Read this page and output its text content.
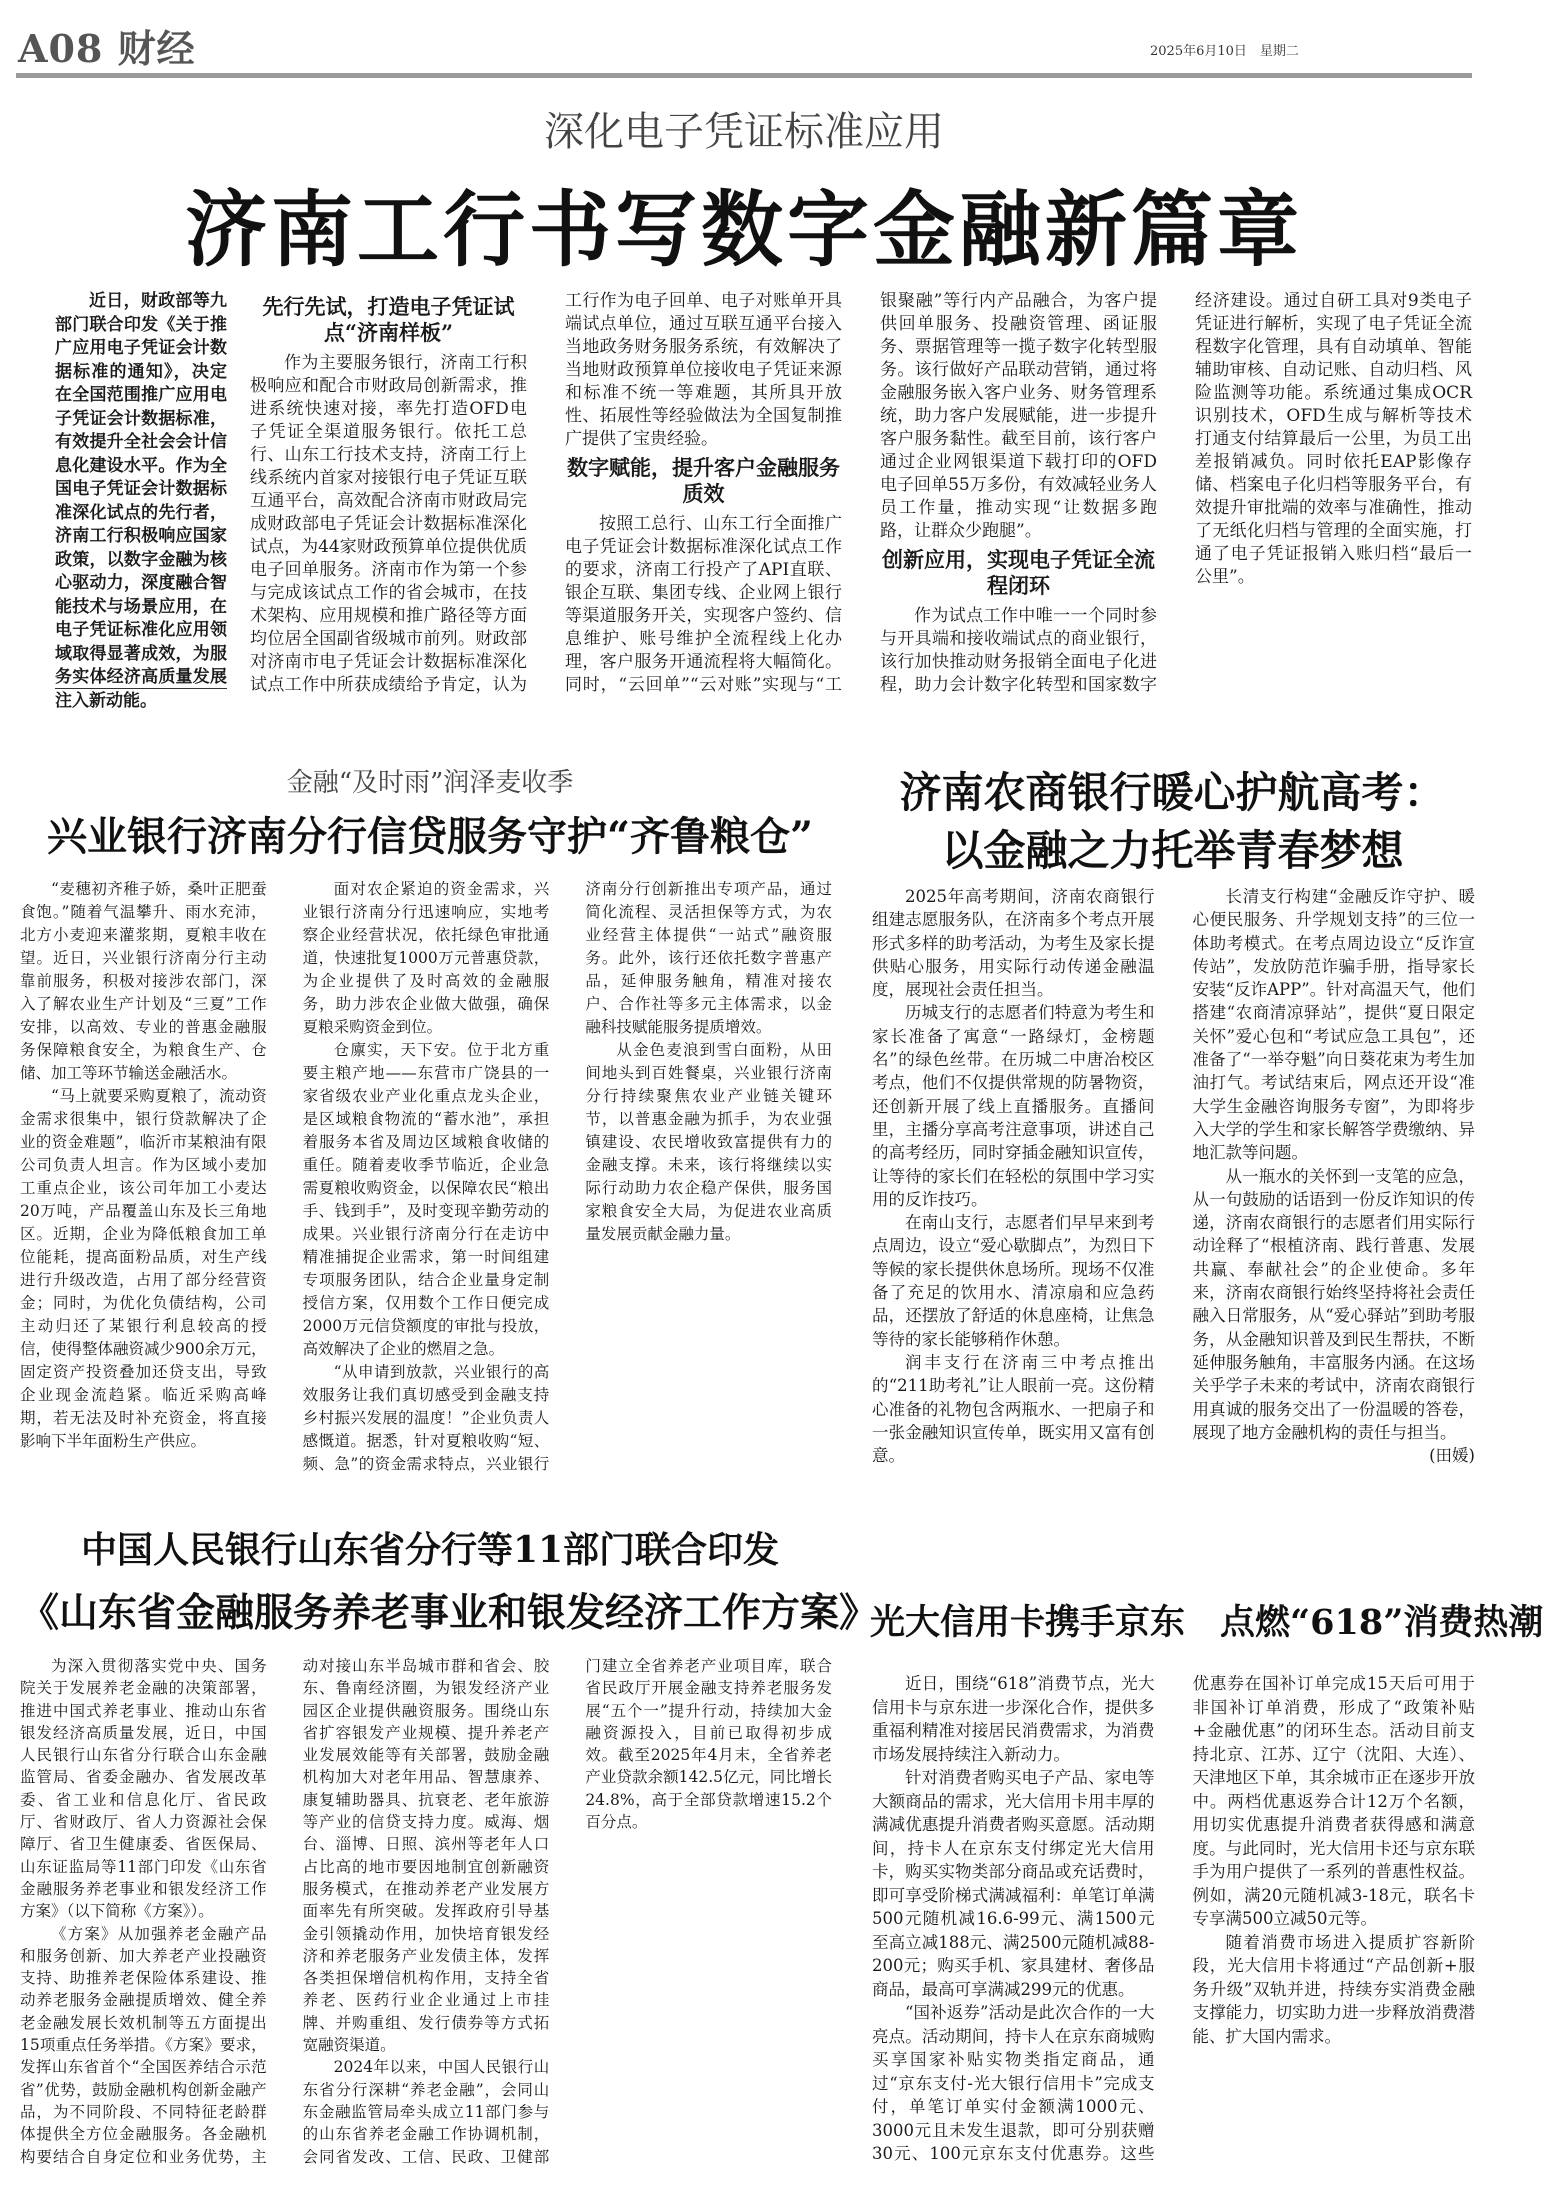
A08 财经	2025年6月10日　星期二
深化电子凭证标准应用
济南工行书写数字金融新篇章
近日，财政部等九部门联合印发《关于推广应用电子凭证会计数据标准的通知》，决定在全国范围推广应用电子凭证会计数据标准，有效提升全社会会计信息化建设水平。作为全国电子凭证会计数据标准深化试点的先行者，济南工行积极响应国家政策，以数字金融为核心驱动力，深度融合智能技术与场景应用，在电子凭证标准化应用领域取得显著成效，为服务实体经济高质量发展注入新动能。
先行先试，打造电子凭证试点“济南样板”

作为主要服务银行，济南工行积极响应和配合市财政局创新需求，推进系统快速对接，率先打造OFD电子凭证全渠道服务银行。依托工总行、山东工行技术支持，济南工行上线系统内首家对接银行电子凭证互联互通平台，高效配合济南市财政局完成财政部电子凭证会计数据标准深化试点，为44家财政预算单位提供优质电子回单服务。济南市作为第一个参与完成该试点工作的省会城市，在技术架构、应用规模和推广路径等方面均位居全国副省级城市前列。财政部对济南市电子凭证会计数据标准深化试点工作中所获成绩给予肯定，认为工行作为电子回单、电子对账单开具端试点单位，通过互联互通平台接入当地政务财务服务系统，有效解决了当地财政预算单位接收电子凭证来源和标准不统一等难题，其所具开放性、拓展性等经验做法为全国复制推广提供了宝贵经验。

数字赋能，提升客户金融服务质效

按照工总行、山东工行全面推广电子凭证会计数据标准深化试点工作的要求，济南工行投产了API直联、银企互联、集团专线、企业网上银行等渠道服务开关，实现客户签约、信息维护、账号维护全流程线上化办理，客户服务开通流程将大幅简化。同时，“云回单”“云对账”实现与“工银聚融”等行内产品融合，为客户提供回单服务、投融资管理、函证服务、票据管理等一揽子数字化转型服务。该行做好产品联动营销，通过将金融服务嵌入客户业务、财务管理系统，助力客户发展赋能，进一步提升客户服务黏性。截至目前，该行客户通过企业网银渠道下载打印的OFD电子回单55万多份，有效减轻业务人员工作量，推动实现“让数据多跑路，让群众少跑腿”。

创新应用，实现电子凭证全流程闭环

作为试点工作中唯一一个同时参与开具端和接收端试点的商业银行，该行加快推动财务报销全面电子化进程，助力会计数字化转型和国家数字经济建设。通过自研工具对9类电子凭证进行解析，实现了电子凭证全流程数字化管理，具有自动填单、智能辅助审核、自动记账、自动归档、风险监测等功能。系统通过集成OCR识别技术，OFD生成与解析等技术打通支付结算最后一公里，为员工出差报销减负。同时依托EAP影像存储、档案电子化归档等服务平台，有效提升审批端的效率与准确性，推动了无纸化归档与管理的全面实施，打通了电子凭证报销入账归档“最后一公里”。

金融“及时雨”润泽麦收季
兴业银行济南分行信贷服务守护“齐鲁粮仓”

“麦穗初齐稚子娇，桑叶正肥蚕食饱。”随着气温攀升、雨水充沛，北方小麦迎来灌浆期，夏粮丰收在望。近日，兴业银行济南分行主动靠前服务，积极对接涉农部门，深入了解农业生产计划及“三夏”工作安排，以高效、专业的普惠金融服务保障粮食安全，为粮食生产、仓储、加工等环节输送金融活水。

“马上就要采购夏粮了，流动资金需求很集中，银行贷款解决了企业的资金难题”，临沂市某粮油有限公司负责人坦言。作为区域小麦加工重点企业，该公司年加工小麦达20万吨，产品覆盖山东及长三角地区。近期，企业为降低粮食加工单位能耗，提高面粉品质，对生产线进行升级改造，占用了部分经营资金；同时，为优化负债结构，公司主动归还了某银行利息较高的授信，使得整体融资减少900余万元，固定资产投资叠加还贷支出，导致企业现金流趋紧。临近采购高峰期，若无法及时补充资金，将直接影响下半年面粉生产供应。

面对农企紧迫的资金需求，兴业银行济南分行迅速响应，实地考察企业经营状况，依托绿色审批通道，快速批复1000万元普惠贷款，为企业提供了及时高效的金融服务，助力涉农企业做大做强，确保夏粮采购资金到位。

仓廪实，天下安。位于北方重要主粮产地——东营市广饶县的一家省级农业产业化重点龙头企业，是区域粮食物流的“蓄水池”，承担着服务本省及周边区域粮食收储的重任。随着麦收季节临近，企业急需夏粮收购资金，以保障农民“粮出手、钱到手”，及时变现辛勤劳动的成果。兴业银行济南分行在走访中精准捕捉企业需求，第一时间组建专项服务团队，结合企业量身定制授信方案，仅用数个工作日便完成2000万元信贷额度的审批与投放，高效解决了企业的燃眉之急。

“从申请到放款，兴业银行的高效服务让我们真切感受到金融支持乡村振兴发展的温度！”企业负责人感慨道。据悉，针对夏粮收购“短、频、急”的资金需求特点，兴业银行济南分行创新推出专项产品，通过简化流程、灵活担保等方式，为农业经营主体提供“一站式”融资服务。此外，该行还依托数字普惠产品，延伸服务触角，精准对接农户、合作社等多元主体需求，以金融科技赋能服务提质增效。

从金色麦浪到雪白面粉，从田间地头到百姓餐桌，兴业银行济南分行持续聚焦农业产业链关键环节，以普惠金融为抓手，为农业强镇建设、农民增收致富提供有力的金融支撑。未来，该行将继续以实际行动助力农企稳产保供，服务国家粮食安全大局，为促进农业高质量发展贡献金融力量。

济南农商银行暖心护航高考：
以金融之力托举青春梦想

2025年高考期间，济南农商银行组建志愿服务队，在济南多个考点开展形式多样的助考活动，为考生及家长提供贴心服务，用实际行动传递金融温度，展现社会责任担当。

历城支行的志愿者们特意为考生和家长准备了寓意“一路绿灯，金榜题名”的绿色丝带。在历城二中唐冶校区考点，他们不仅提供常规的防暑物资，还创新开展了线上直播服务。直播间里，主播分享高考注意事项，讲述自己的高考经历，同时穿插金融知识宣传，让等待的家长们在轻松的氛围中学习实用的反诈技巧。

在南山支行，志愿者们早早来到考点周边，设立“爱心歇脚点”，为烈日下等候的家长提供休息场所。现场不仅准备了充足的饮用水、清凉扇和应急药品，还摆放了舒适的休息座椅，让焦急等待的家长能够稍作休憩。

润丰支行在济南三中考点推出的“211助考礼”让人眼前一亮。这份精心准备的礼物包含两瓶水、一把扇子和一张金融知识宣传单，既实用又富有创意。

长清支行构建“金融反诈守护、暖心便民服务、升学规划支持”的三位一体助考模式。在考点周边设立“反诈宣传站”，发放防范诈骗手册，指导家长安装“反诈APP”。针对高温天气，他们搭建“农商清凉驿站”，提供“夏日限定关怀”爱心包和“考试应急工具包”，还准备了“一举夺魁”向日葵花束为考生加油打气。考试结束后，网点还开设“准大学生金融咨询服务专窗”，为即将步入大学的学生和家长解答学费缴纳、异地汇款等问题。

从一瓶水的关怀到一支笔的应急，从一句鼓励的话语到一份反诈知识的传递，济南农商银行的志愿者们用实际行动诠释了“根植济南、践行普惠、发展共赢、奉献社会”的企业使命。多年来，济南农商银行始终坚持将社会责任融入日常服务，从“爱心驿站”到助考服务，从金融知识普及到民生帮扶，不断延伸服务触角，丰富服务内涵。在这场关乎学子未来的考试中，济南农商银行用真诚的服务交出了一份温暖的答卷，展现了地方金融机构的责任与担当。

(田媛)

中国人民银行山东省分行等11部门联合印发
《山东省金融服务养老事业和银发经济工作方案》

为深入贯彻落实党中央、国务院关于发展养老金融的决策部署，推进中国式养老事业、推动山东省银发经济高质量发展，近日，中国人民银行山东省分行联合山东金融监管局、省委金融办、省发展改革委、省工业和信息化厅、省民政厅、省财政厅、省人力资源社会保障厅、省卫生健康委、省医保局、山东证监局等11部门印发《山东省金融服务养老事业和银发经济工作方案》（以下简称《方案》）。

《方案》从加强养老金融产品和服务创新、加大养老产业投融资支持、助推养老保险体系建设、推动养老服务金融提质增效、健全养老金融发展长效机制等五方面提出15项重点任务举措。《方案》要求，发挥山东省首个“全国医养结合示范省”优势，鼓励金融机构创新金融产品，为不同阶段、不同特征老龄群体提供全方位金融服务。各金融机构要结合自身定位和业务优势，主动对接山东半岛城市群和省会、胶东、鲁南经济圈，为银发经济产业园区企业提供融资服务。围绕山东省扩容银发产业规模、提升养老产业发展效能等有关部署，鼓励金融机构加大对老年用品、智慧康养、康复辅助器具、抗衰老、老年旅游等产业的信贷支持力度。威海、烟台、淄博、日照、滨州等老年人口占比高的地市要因地制宜创新融资服务模式，在推动养老产业发展方面率先有所突破。发挥政府引导基金引领撬动作用，加快培育银发经济和养老服务产业发债主体，发挥各类担保增信机构作用，支持全省养老、医药行业企业通过上市挂牌、并购重组、发行债券等方式拓宽融资渠道。

2024年以来，中国人民银行山东省分行深耕“养老金融”，会同山东金融监管局牵头成立11部门参与的山东省养老金融工作协调机制，会同省发改、工信、民政、卫健部门建立全省养老产业项目库，联合省民政厅开展金融支持养老服务发展“五个一”提升行动，持续加大金融资源投入，目前已取得初步成效。截至2025年4月末，全省养老产业贷款余额142.5亿元，同比增长24.8%，高于全部贷款增速15.2个百分点。

光大信用卡携手京东　点燃“618”消费热潮

近日，围绕“618”消费节点，光大信用卡与京东进一步深化合作，提供多重福利精准对接居民消费需求，为消费市场发展持续注入新动力。

针对消费者购买电子产品、家电等大额商品的需求，光大信用卡用丰厚的满减优惠提升消费者购买意愿。活动期间，持卡人在京东支付绑定光大信用卡，购买实物类部分商品或充话费时，即可享受阶梯式满减福利：单笔订单满500元随机减16.6-99元、满1500元至高立减188元、满2500元随机减88-200元；购买手机、家具建材、奢侈品商品，最高可享满减299元的优惠。

“国补返券”活动是此次合作的一大亮点。活动期间，持卡人在京东商城购买享国家补贴实物类指定商品，通过“京东支付-光大银行信用卡”完成支付，单笔订单实付金额满1000元、3000元且未发生退款，即可分别获赠30元、100元京东支付优惠券。这些优惠券在国补订单完成15天后可用于非国补订单消费，形成了“政策补贴+金融优惠”的闭环生态。活动目前支持北京、江苏、辽宁（沈阳、大连）、天津地区下单，其余城市正在逐步开放中。两档优惠返券合计12万个名额，用切实优惠提升消费者获得感和满意度。与此同时，光大信用卡还与京东联手为用户提供了一系列的普惠性权益。例如，满20元随机减3-18元，联名卡专享满500立减50元等。

随着消费市场进入提质扩容新阶段，光大信用卡将通过“产品创新+服务升级”双轨并进，持续夯实消费金融支撑能力，切实助力进一步释放消费潜能、扩大国内需求。
